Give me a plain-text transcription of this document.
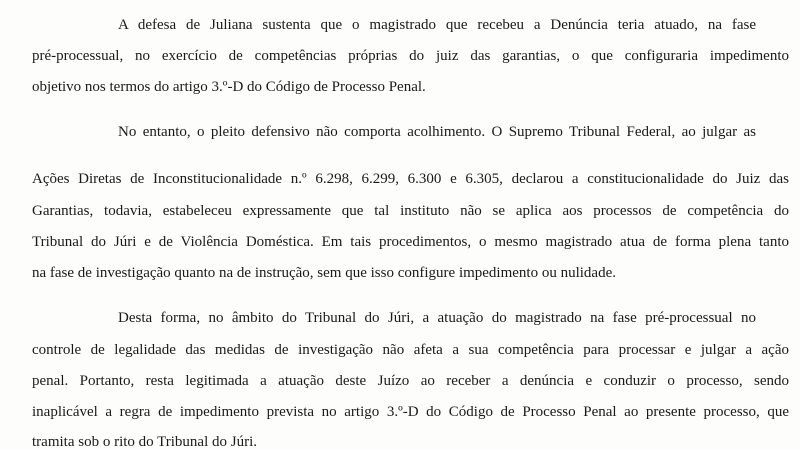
A defesa de Juliana sustenta que o magistrado que recebeu a Denúncia teria atuado, na fase
pré-processual, no exercício de competências próprias do juiz das garantias, o que configuraria impedimento
objetivo nos termos do artigo 3.º-D do Código de Processo Penal.
No entanto, o pleito defensivo não comporta acolhimento. O Supremo Tribunal Federal, ao julgar as
Ações Diretas de Inconstitucionalidade n.º 6.298, 6.299, 6.300 e 6.305, declarou a constitucionalidade do Juiz das
Garantias, todavia, estabeleceu expressamente que tal instituto não se aplica aos processos de competência do
Tribunal do Júri e de Violência Doméstica. Em tais procedimentos, o mesmo magistrado atua de forma plena tanto
na fase de investigação quanto na de instrução, sem que isso configure impedimento ou nulidade.
Desta forma, no âmbito do Tribunal do Júri, a atuação do magistrado na fase pré-processual no
controle de legalidade das medidas de investigação não afeta a sua competência para processar e julgar a ação
penal. Portanto, resta legitimada a atuação deste Juízo ao receber a denúncia e conduzir o processo, sendo
inaplicável a regra de impedimento prevista no artigo 3.º-D do Código de Processo Penal ao presente processo, que
tramita sob o rito do Tribunal do Júri.
